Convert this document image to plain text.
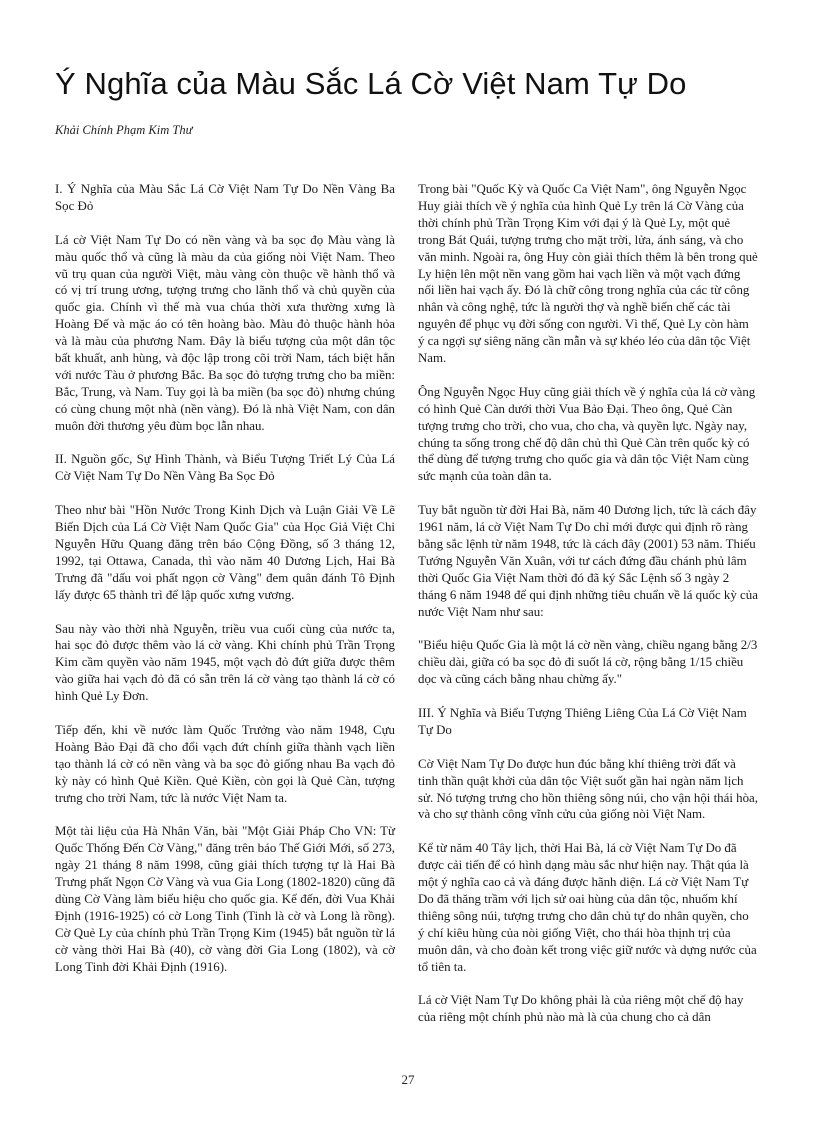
Ý Nghĩa của Màu Sắc Lá Cờ Việt Nam Tự Do
Khải Chính Phạm Kim Thư

I. Ý Nghĩa của Màu Sắc Lá Cờ Việt Nam Tự Do Nền Vàng Ba Sọc Đỏ

Lá cờ Việt Nam Tự Do có nền vàng và ba sọc đọ Màu vàng là màu quốc thổ và cũng là màu da của giống nòi Việt Nam. Theo vũ trụ quan của người Việt, màu vàng còn thuộc về hành thổ và có vị trí trung ương, tượng trưng cho lãnh thổ và chủ quyền của quốc gia. Chính vì thế mà vua chúa thời xưa thường xưng là Hoàng Đế và mặc áo có tên hoàng bào. Màu đỏ thuộc hành hỏa và là màu của phương Nam. Đây là biểu tượng của một dân tộc bất khuất, anh hùng, và độc lập trong cõi trời Nam, tách biệt hẳn với nước Tàu ở phương Bắc. Ba sọc đỏ tượng trưng cho ba miền: Bắc, Trung, và Nam. Tuy gọi là ba miền (ba sọc đỏ) nhưng chúng có cùng chung một nhà (nền vàng). Đó là nhà Việt Nam, con dân muôn đời thương yêu đùm bọc lẫn nhau.

II. Nguồn gốc, Sự Hình Thành, và Biểu Tượng Triết Lý Của Lá Cờ Việt Nam Tự Do Nền Vàng Ba Sọc Đỏ

Theo như bài "Hồn Nước Trong Kinh Dịch và Luận Giải Về Lẽ Biến Dịch của Lá Cờ Việt Nam Quốc Gia" của Học Giả Việt Chi Nguyễn Hữu Quang đăng trên báo Cộng Đồng, số 3 tháng 12, 1992, tại Ottawa, Canada, thì vào năm 40 Dương Lịch, Hai Bà Trưng đã "dấu voi phất ngọn cờ Vàng" đem quân đánh Tô Định lấy được 65 thành trì để lập quốc xưng vương.

Sau này vào thời nhà Nguyễn, triều vua cuối cùng của nước ta, hai sọc đỏ được thêm vào lá cờ vàng. Khi chính phủ Trần Trọng Kim cầm quyền vào năm 1945, một vạch đỏ đứt giữa được thêm vào giữa hai vạch đỏ đã có sẵn trên lá cờ vàng tạo thành lá cờ có hình Quẻ Ly Đơn.

Tiếp đến, khi về nước làm Quốc Trưởng vào năm 1948, Cựu Hoàng Bảo Đại đã cho đổi vạch đứt chính giữa thành vạch liền tạo thành lá cờ có nền vàng và ba sọc đỏ giống nhau Ba vạch đỏ kỳ này có hình Quẻ Kiền. Quẻ Kiền, còn gọi là Quẻ Càn, tượng trưng cho trời Nam, tức là nước Việt Nam ta.

Một tài liệu của Hà Nhân Văn, bài "Một Giải Pháp Cho VN: Từ Quốc Thống Đến Cờ Vàng," đăng trên báo Thế Giới Mới, số 273, ngày 21 tháng 8 năm 1998, cũng giải thích tượng tự là Hai Bà Trưng phất Ngọn Cờ Vàng và vua Gia Long (1802-1820) cũng đã dùng Cờ Vàng làm biểu hiệu cho quốc gia. Kế đến, đời Vua Khải Định (1916-1925) có cờ Long Tinh (Tinh là cờ và Long là rồng). Cờ Quẻ Ly của chính phủ Trần Trọng Kim (1945) bắt nguồn từ lá cờ vàng thời Hai Bà (40), cờ vàng đời Gia Long (1802), và cờ Long Tinh đời Khải Định (1916).

Trong bài "Quốc Kỳ và Quốc Ca Việt Nam", ông Nguyễn Ngọc Huy giải thích về ý nghĩa của hình Quẻ Ly trên lá Cờ Vàng của thời chính phủ Trần Trọng Kim với đại ý là Quẻ Ly, một quẻ trong Bát Quái, tượng trưng cho mặt trời, lửa, ánh sáng, và cho văn minh. Ngoài ra, ông Huy còn giải thích thêm là bên trong quẻ Ly hiện lên một nền vang gồm hai vạch liền và một vạch đứng nối liền hai vạch ấy. Đó là chữ công trong nghĩa của các từ công nhân và công nghệ, tức là người thợ và nghề biến chế các tài nguyên để phục vụ đời sống con người. Vì thế, Quẻ Ly còn hàm ý ca ngợi sự siêng năng cần mẫn và sự khéo léo của dân tộc Việt Nam.

Ông Nguyễn Ngọc Huy cũng giải thích về ý nghĩa của lá cờ vàng có hình Quẻ Càn dưới thời Vua Bảo Đại. Theo ông, Quẻ Càn tượng trưng cho trời, cho vua, cho cha, và quyền lực. Ngày nay, chúng ta sống trong chế độ dân chủ thì Quẻ Càn trên quốc kỳ có thể dùng để tượng trưng cho quốc gia và dân tộc Việt Nam cùng sức mạnh của toàn dân ta.

Tuy bắt nguồn từ đời Hai Bà, năm 40 Dương lịch, tức là cách đây 1961 năm, lá cờ Việt Nam Tự Do chỉ mới được qui định rõ ràng bằng sắc lệnh từ năm 1948, tức là cách đây (2001) 53 năm. Thiếu Tướng Nguyễn Văn Xuân, với tư cách đứng đầu chánh phủ lâm thời Quốc Gia Việt Nam thời đó đã ký Sắc Lệnh số 3 ngày 2 tháng 6 năm 1948 để qui định những tiêu chuẩn về lá quốc kỳ của nước Việt Nam như sau:

"Biểu hiệu Quốc Gia là một lá cờ nền vàng, chiều ngang bằng 2/3 chiều dài, giữa có ba sọc đỏ đi suốt lá cờ, rộng bằng 1/15 chiều dọc và cũng cách bằng nhau chừng ấy."

III. Ý Nghĩa và Biểu Tượng Thiêng Liêng Của Lá Cờ Việt Nam Tự Do

Cờ Việt Nam Tự Do được hun đúc bằng khí thiêng trời đất và tinh thần quật khởi của dân tộc Việt suốt gần hai ngàn năm lịch sử. Nó tượng trưng cho hồn thiêng sông núi, cho vận hội thái hòa, và cho sự thành công vĩnh cửu của giống nòi Việt Nam.

Kể từ năm 40 Tây lịch, thời Hai Bà, lá cờ Việt Nam Tự Do đã được cải tiến để có hình dạng màu sắc như hiện nay. Thật qúa là một ý nghĩa cao cả và đáng được hãnh diện. Lá cờ Việt Nam Tự Do đã thăng trầm với lịch sử oai hùng của dân tộc, nhuốm khí thiêng sông núi, tượng trưng cho dân chủ tự do nhân quyền, cho ý chí kiêu hùng của nòi giống Việt, cho thái hòa thịnh trị của muôn dân, và cho đoàn kết trong việc giữ nước và dựng nước của tổ tiên ta.

Lá cờ Việt Nam Tự Do không phải là của riêng một chế độ hay của riêng một chính phủ nào mà là của chung cho cả dân

27
